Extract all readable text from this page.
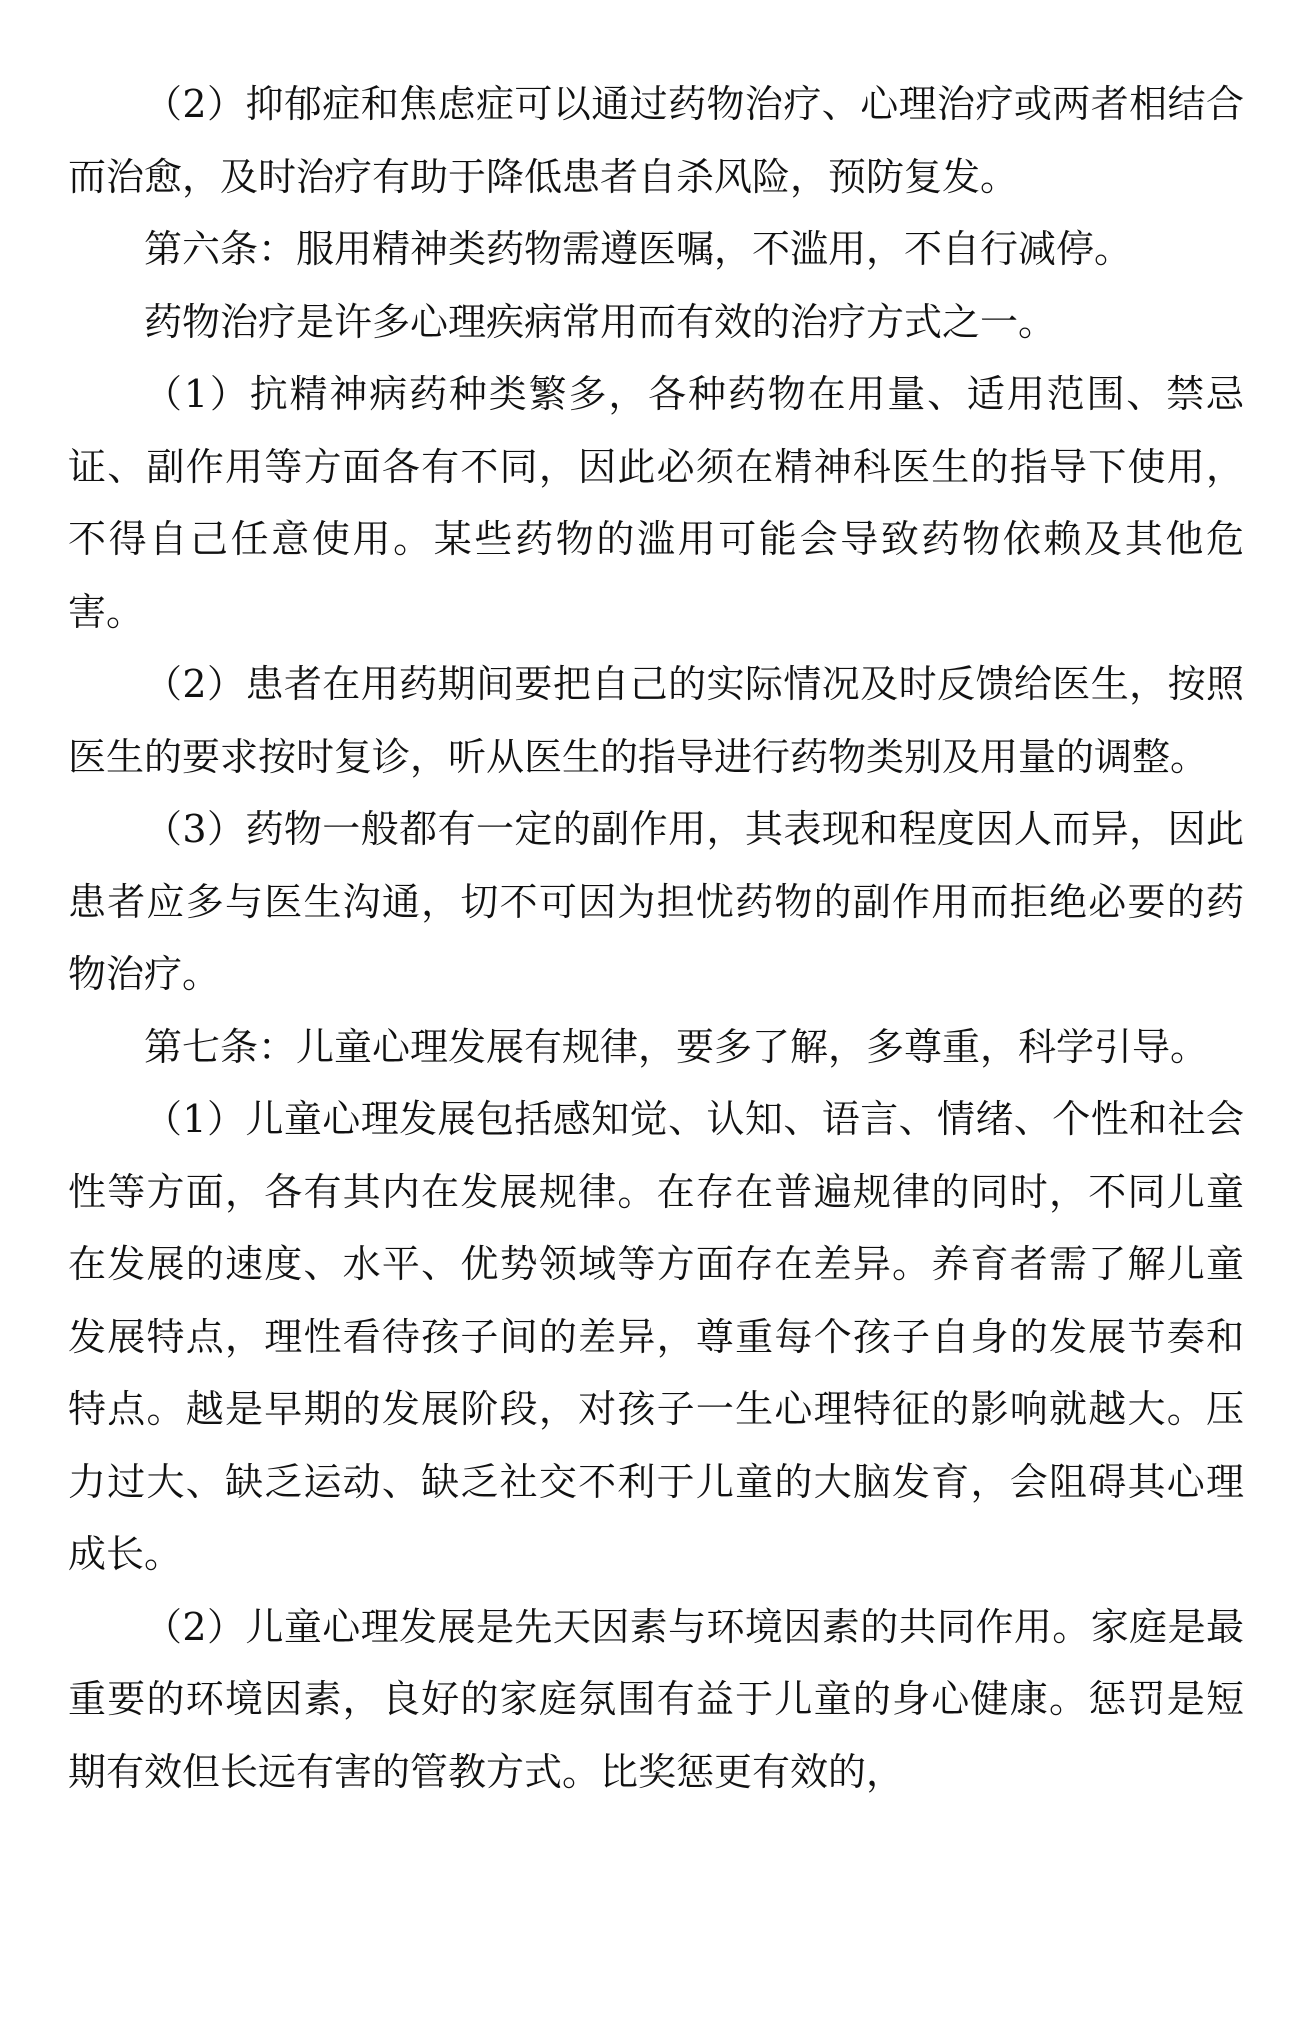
（2）抑郁症和焦虑症可以通过药物治疗、心理治疗或两者相结合而治愈，及时治疗有助于降低患者自杀风险，预防复发。

第六条：服用精神类药物需遵医嘱，不滥用，不自行减停。

药物治疗是许多心理疾病常用而有效的治疗方式之一。

（1）抗精神病药种类繁多，各种药物在用量、适用范围、禁忌证、副作用等方面各有不同，因此必须在精神科医生的指导下使用，不得自己任意使用。某些药物的滥用可能会导致药物依赖及其他危害。

（2）患者在用药期间要把自己的实际情况及时反馈给医生，按照医生的要求按时复诊，听从医生的指导进行药物类别及用量的调整。

（3）药物一般都有一定的副作用，其表现和程度因人而异，因此患者应多与医生沟通，切不可因为担忧药物的副作用而拒绝必要的药物治疗。

第七条：儿童心理发展有规律，要多了解，多尊重，科学引导。

（1）儿童心理发展包括感知觉、认知、语言、情绪、个性和社会性等方面，各有其内在发展规律。在存在普遍规律的同时，不同儿童在发展的速度、水平、优势领域等方面存在差异。养育者需了解儿童发展特点，理性看待孩子间的差异，尊重每个孩子自身的发展节奏和特点。越是早期的发展阶段，对孩子一生心理特征的影响就越大。压力过大、缺乏运动、缺乏社交不利于儿童的大脑发育，会阻碍其心理成长。

（2）儿童心理发展是先天因素与环境因素的共同作用。家庭是最重要的环境因素，良好的家庭氛围有益于儿童的身心健康。惩罚是短期有效但长远有害的管教方式。比奖惩更有效的，
